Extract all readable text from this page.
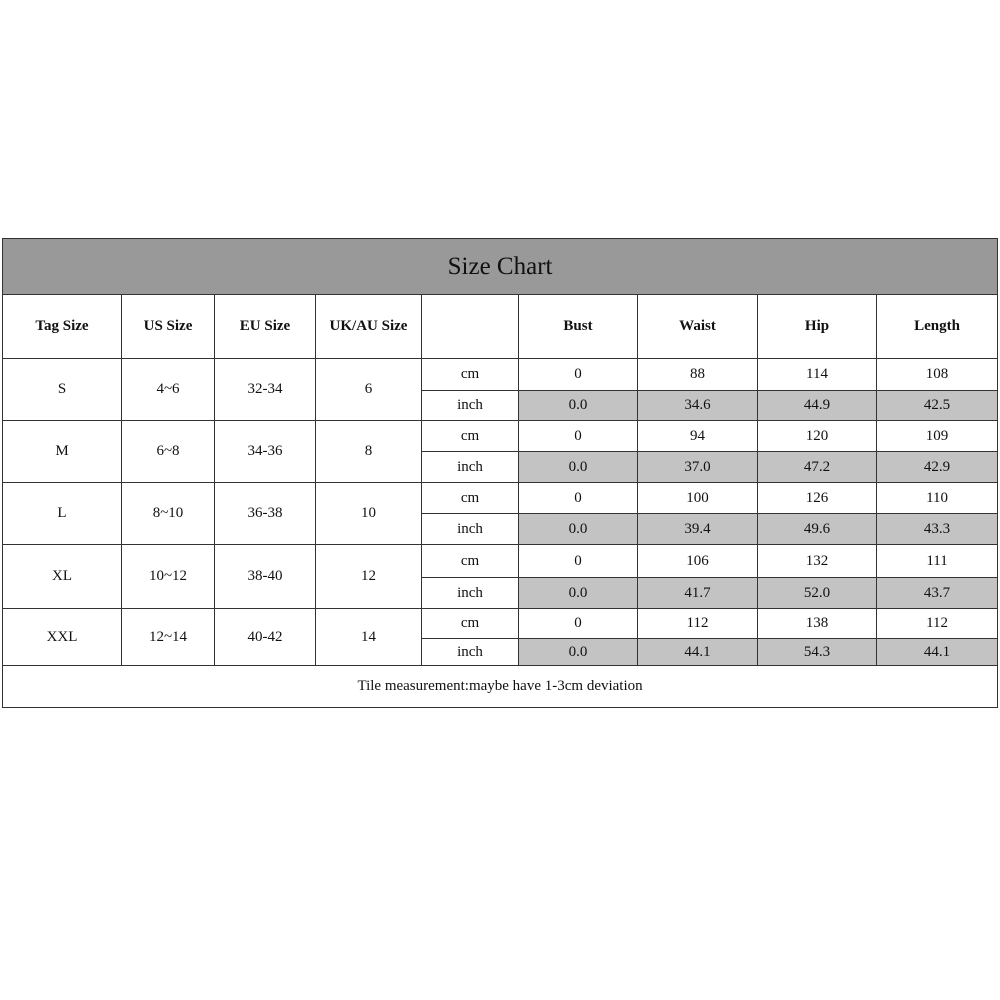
Size Chart								
Tag Size	US Size	EU Size	UK/AU Size		Bust	Waist	Hip	Length
S	4~6	32-34	6	cm	0	88	114	108
				inch	0.0	34.6	44.9	42.5
M	6~8	34-36	8	cm	0	94	120	109
				inch	0.0	37.0	47.2	42.9
L	8~10	36-38	10	cm	0	100	126	110
				inch	0.0	39.4	49.6	43.3
XL	10~12	38-40	12	cm	0	106	132	111
				inch	0.0	41.7	52.0	43.7
XXL	12~14	40-42	14	cm	0	112	138	112
				inch	0.0	44.1	54.3	44.1
Tile measurement:maybe have 1-3cm deviation								
